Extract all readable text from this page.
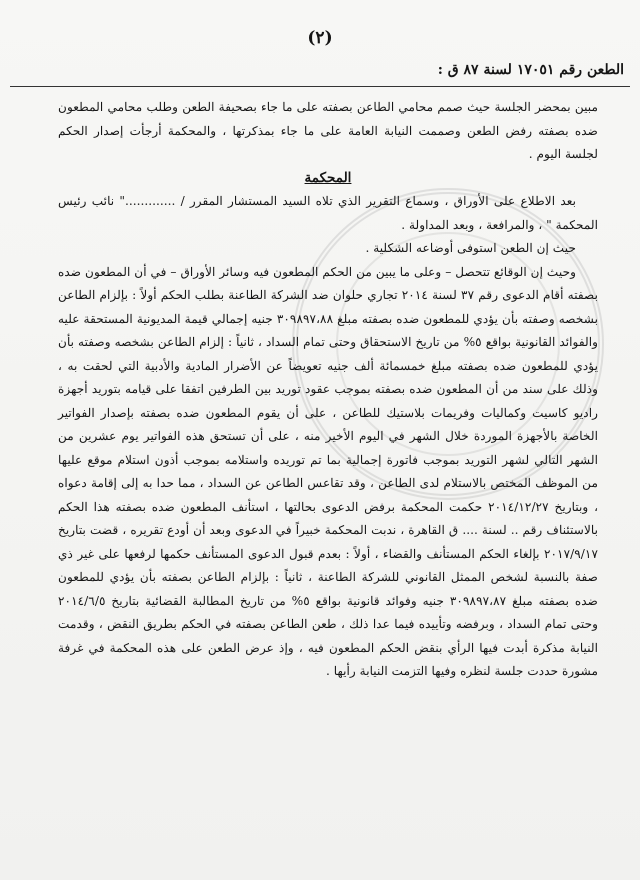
(٢)
الطعن رقم ١٧٠٥١ لسنة ٨٧ ق :

مبين بمحضر الجلسة حيث صمم محامي الطاعن بصفته على ما جاء بصحيفة الطعن وطلب محامي المطعون ضده بصفته رفض الطعن وصممت النيابة العامة على ما جاء بمذكرتها ، والمحكمة أرجأت إصدار الحكم لجلسة اليوم .

المحكمة

بعد الاطلاع على الأوراق ، وسماع التقرير الذي تلاه السيد المستشار المقرر / ............." نائب رئيس المحكمة " ، والمرافعة ، وبعد المداولة .

حيث إن الطعن استوفى أوضاعه الشكلية .

وحيث إن الوقائع تتحصل – وعلى ما يبين من الحكم المطعون فيه وسائر الأوراق – في أن المطعون ضده بصفته أقام الدعوى رقم ٣٧ لسنة ٢٠١٤ تجاري حلوان ضد الشركة الطاعنة بطلب الحكم أولاً : بإلزام الطاعن بشخصه وصفته بأن يؤدي للمطعون ضده بصفته مبلغ ٣٠٩٨٩٧،٨٨ جنيه إجمالي قيمة المديونية المستحقة عليه والفوائد القانونية بواقع ٥% من تاريخ الاستحقاق وحتى تمام السداد ، ثانياً : إلزام الطاعن بشخصه وصفته بأن يؤدي للمطعون ضده بصفته مبلغ خمسمائة ألف جنيه تعويضاً عن الأضرار المادية والأدبية التي لحقت به ، وذلك على سند من أن المطعون ضده بصفته بموجب عقود توريد بين الطرفين اتفقا على قيامه بتوريد أجهزة راديو كاسيت وكماليات وفريمات بلاستيك للطاعن ، على أن يقوم المطعون ضده بصفته بإصدار الفواتير الخاصة بالأجهزة الموردة خلال الشهر في اليوم الأخير منه ، على أن تستحق هذه الفواتير يوم عشرين من الشهر التالي لشهر التوريد بموجب فاتورة إجمالية بما تم توريده واستلامه بموجب أذون استلام موقع عليها من الموظف المختص بالاستلام لدى الطاعن ، وقد تقاعس الطاعن عن السداد ، مما حدا به إلى إقامة دعواه ، وبتاريخ ٢٠١٤/١٢/٢٧ حكمت المحكمة برفض الدعوى بحالتها ، استأنف المطعون ضده بصفته هذا الحكم بالاستئناف رقم .. لسنة .... ق القاهرة ، ندبت المحكمة خبيراً في الدعوى وبعد أن أودع تقريره ، قضت بتاريخ ٢٠١٧/٩/١٧ بإلغاء الحكم المستأنف والقضاء ، أولاً : بعدم قبول الدعوى المستأنف حكمها لرفعها على غير ذي صفة بالنسبة لشخص الممثل القانوني للشركة الطاعنة ، ثانياً : بإلزام الطاعن بصفته بأن يؤدي للمطعون ضده بصفته مبلغ ٣٠٩٨٩٧،٨٧ جنيه وفوائد قانونية بواقع ٥% من تاريخ المطالبة القضائية بتاريخ ٢٠١٤/٦/٥ وحتى تمام السداد ، وبرفضه وتأييده فيما عدا ذلك ، طعن الطاعن بصفته في الحكم بطريق النقض ، وقدمت النيابة مذكرة أبدت فيها الرأي بنقض الحكم المطعون فيه ، وإذ عرض الطعن على هذه المحكمة في غرفة مشورة حددت جلسة لنظره وفيها التزمت النيابة رأيها .
